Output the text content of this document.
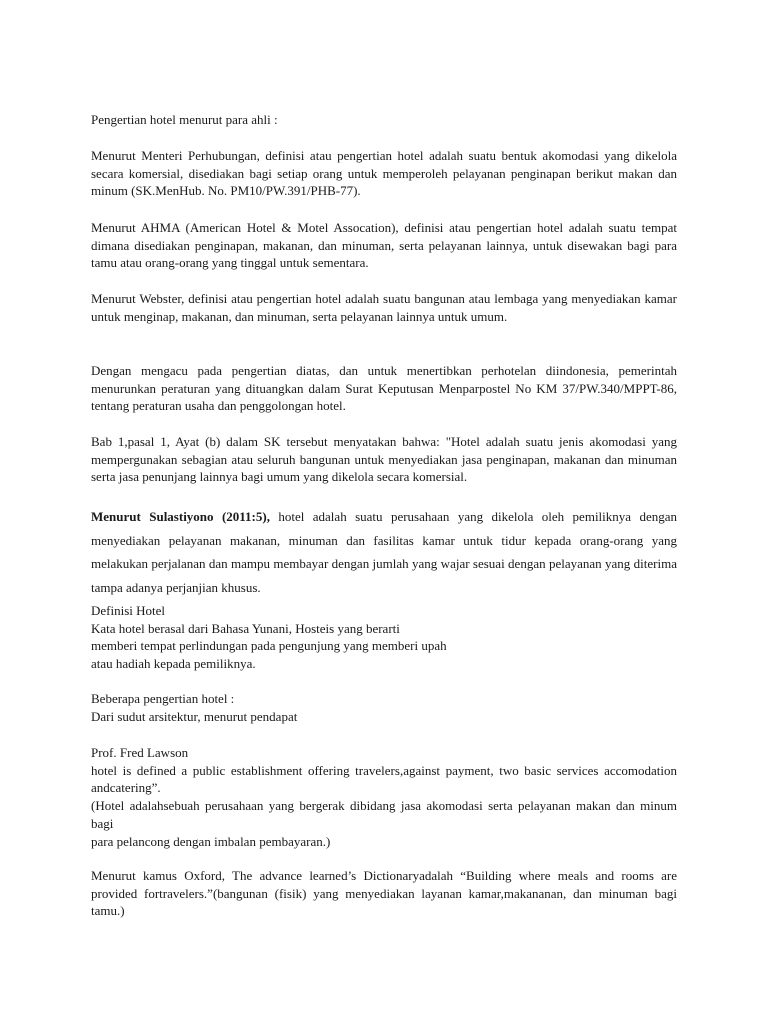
Pengertian hotel menurut para ahli :

Menurut Menteri Perhubungan, definisi atau pengertian hotel adalah suatu bentuk akomodasi yang dikelola secara komersial, disediakan bagi setiap orang untuk memperoleh pelayanan penginapan berikut makan dan minum (SK.MenHub. No. PM10/PW.391/PHB-77).

Menurut AHMA (American Hotel & Motel Assocation), definisi atau pengertian hotel adalah suatu tempat dimana disediakan penginapan, makanan, dan minuman, serta pelayanan lainnya, untuk disewakan bagi para tamu atau orang-orang yang tinggal untuk sementara.

Menurut Webster, definisi atau pengertian hotel adalah suatu bangunan atau lembaga yang menyediakan kamar untuk menginap, makanan, dan minuman, serta pelayanan lainnya untuk umum.

Dengan mengacu pada pengertian diatas, dan untuk menertibkan perhotelan diindonesia, pemerintah menurunkan peraturan yang dituangkan dalam Surat Keputusan Menparpostel No KM 37/PW.340/MPPT-86, tentang peraturan usaha dan penggolongan hotel.

Bab 1,pasal 1, Ayat (b) dalam SK tersebut menyatakan bahwa: "Hotel adalah suatu jenis akomodasi yang mempergunakan sebagian atau seluruh bangunan untuk menyediakan jasa penginapan, makanan dan minuman serta jasa penunjang lainnya bagi umum yang dikelola secara komersial.

Menurut Sulastiyono (2011:5), hotel adalah suatu perusahaan yang dikelola oleh pemiliknya dengan menyediakan pelayanan makanan, minuman dan fasilitas kamar untuk tidur kepada orang-orang yang melakukan perjalanan dan mampu membayar dengan jumlah yang wajar sesuai dengan pelayanan yang diterima tampa adanya perjanjian khusus.

Definisi Hotel
Kata hotel berasal dari Bahasa Yunani, Hosteis yang berarti
memberi tempat perlindungan pada pengunjung yang memberi upah
atau hadiah kepada pemiliknya.

Beberapa pengertian hotel :
Dari sudut arsitektur, menurut pendapat

Prof. Fred Lawson
hotel is defined a public establishment offering travelers,against payment, two basic services accomodation andcatering”.
(Hotel adalahsebuah perusahaan yang bergerak dibidang jasa akomodasi serta pelayanan makan dan minum bagi
para pelancong dengan imbalan pembayaran.)

Menurut kamus Oxford, The advance learned’s Dictionaryadalah “Building where meals and rooms are provided fortravelers.”(bangunan (fisik) yang menyediakan layanan kamar,makananan, dan minuman bagi tamu.)
